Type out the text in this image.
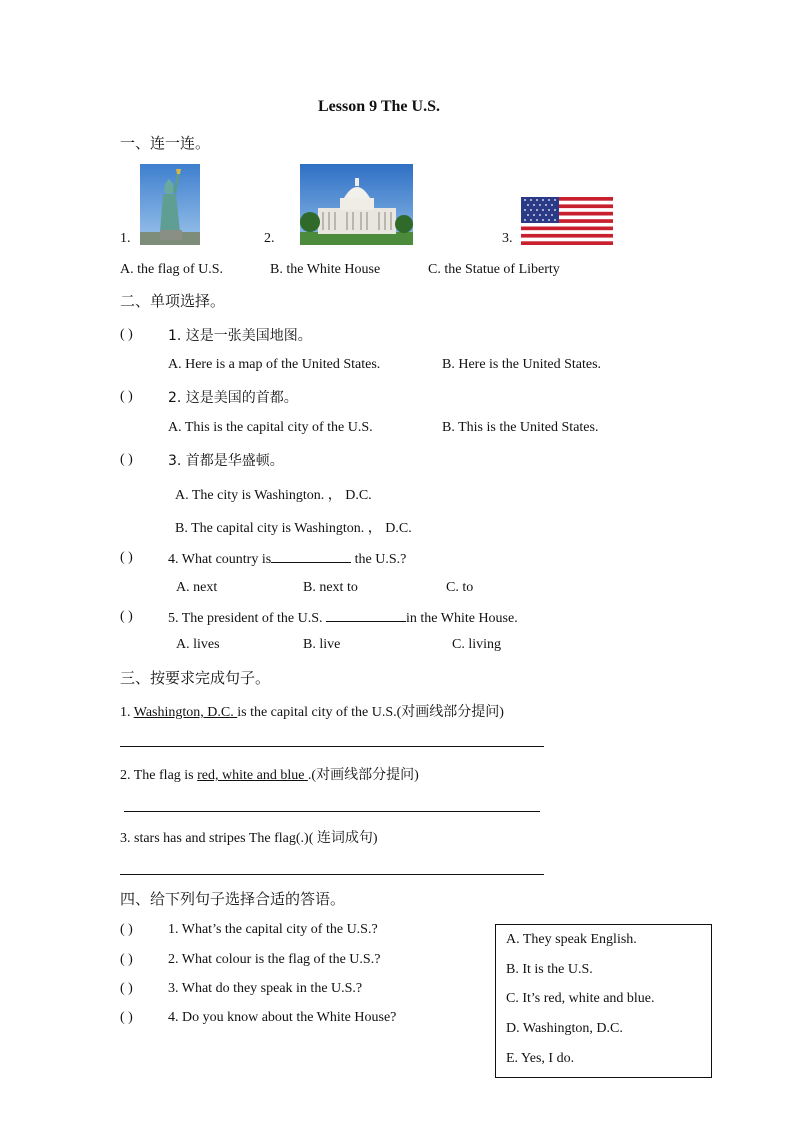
Lesson 9 The U.S.
一、连一连。
1.	2.	3.
A. the flag of U.S.	B. the White House	C. the Statue of Liberty
二、单项选择。
( )	1. 这是一张美国地图。
A. Here is a map of the United States.	B. Here is the United States.
( )	2. 这是美国的首都。
A. This is the capital city of the U.S.	B. This is the United States.
( )	3. 首都是华盛顿。
A. The city is Washington. ， D.C.
B. The capital city is Washington. ， D.C.
( )	4. What country is	the U.S.?
A. next	B. next to	C. to
( )	5. The president of the U.S.	in the White House.
A. lives	B. live	C. living
三、按要求完成句子。
1. Washington, D.C. is the capital city of the U.S.(对画线部分提问)
2. The flag is red, white and blue .(对画线部分提问)
3. stars has and stripes The flag(.)( 连词成句)
四、给下列句子选择合适的答语。
( )	1. What’s the capital city of the U.S.?
( )	2. What colour is the flag of the U.S.?
( )	3. What do they speak in the U.S.?
( )	4. Do you know about the White House?
A. They speak English.
B. It is the U.S.
C. It’s red, white and blue.
D. Washington, D.C.
E. Yes, I do.
